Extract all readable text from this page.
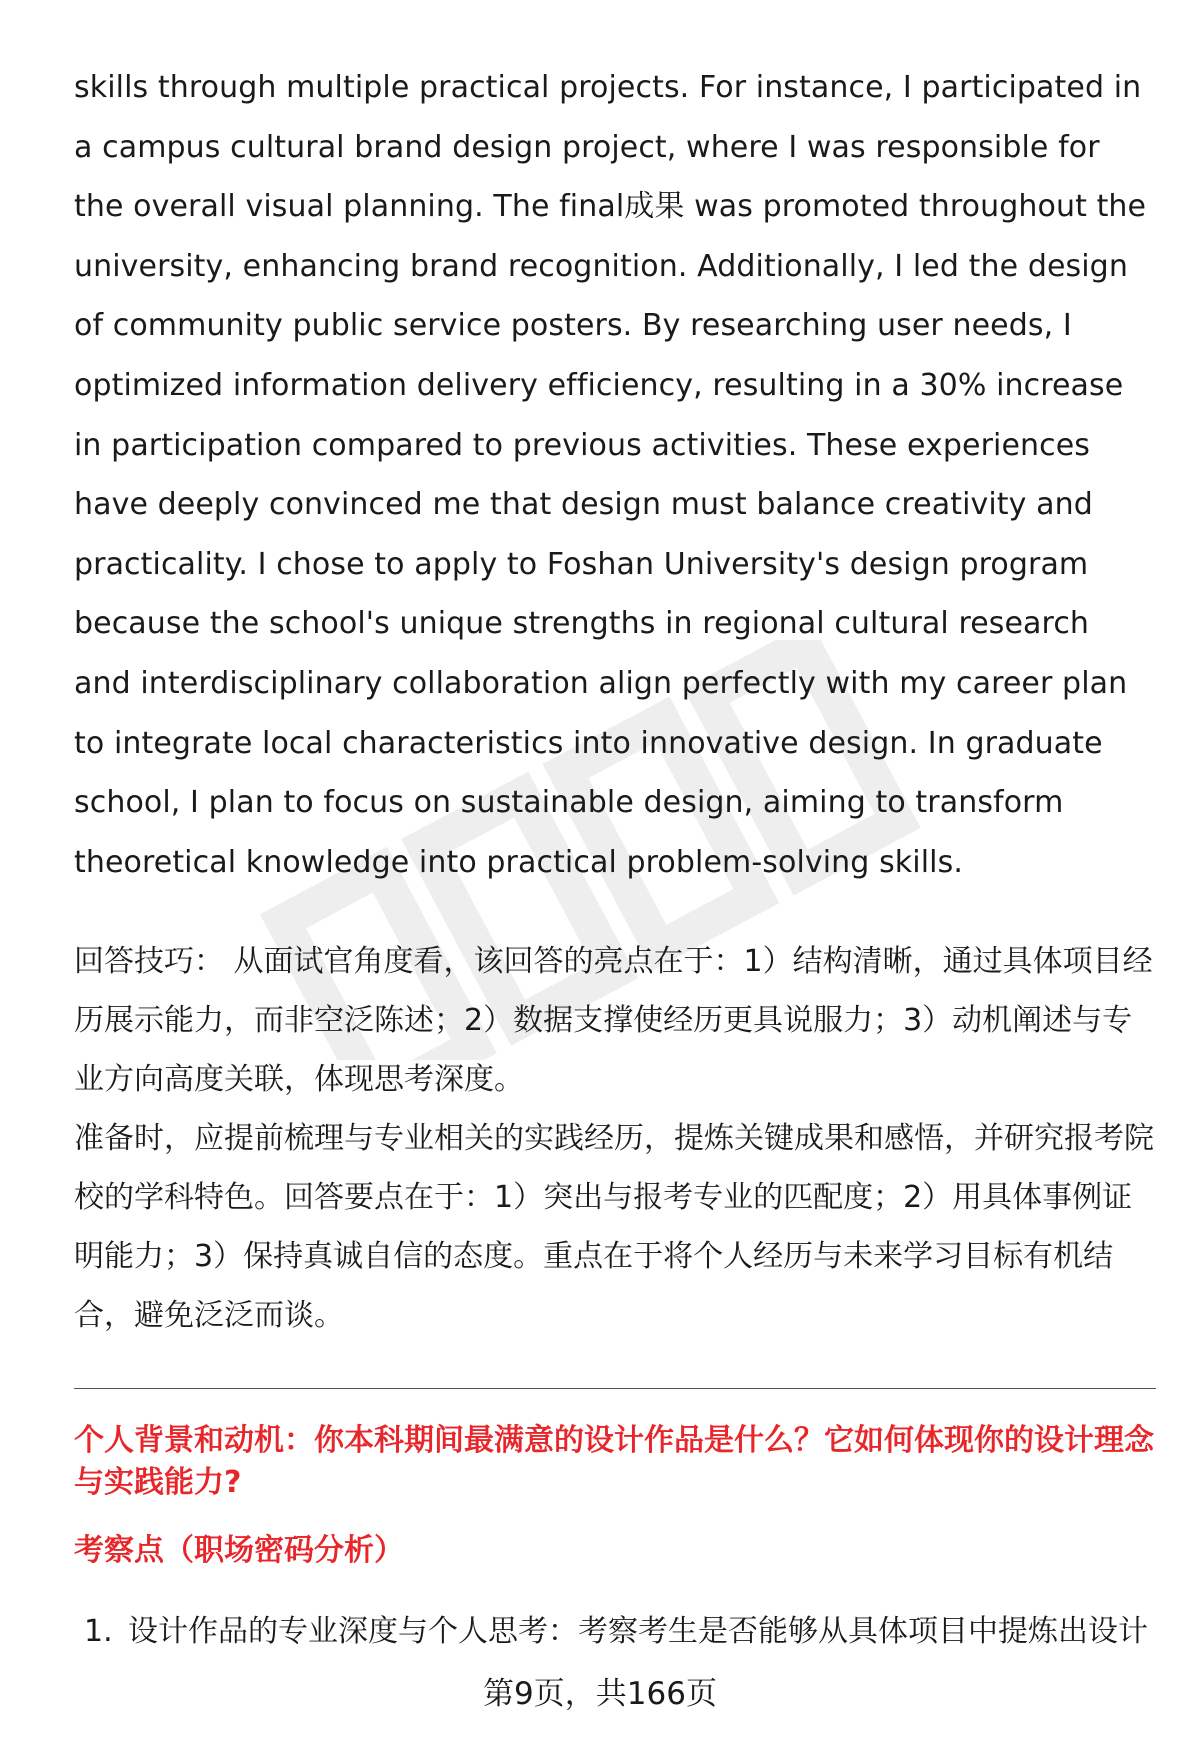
skills through multiple practical projects. For instance, I participated in a campus cultural brand design project, where I was responsible for the overall visual planning. The final成果 was promoted throughout the university, enhancing brand recognition. Additionally, I led the design of community public service posters. By researching user needs, I optimized information delivery efficiency, resulting in a 30% increase in participation compared to previous activities. These experiences have deeply convinced me that design must balance creativity and practicality. I chose to apply to Foshan University's design program because the school's unique strengths in regional cultural research and interdisciplinary collaboration align perfectly with my career plan to integrate local characteristics into innovative design. In graduate school, I plan to focus on sustainable design, aiming to transform theoretical knowledge into practical problem-solving skills.

回答技巧： 从面试官角度看，该回答的亮点在于：1）结构清晰，通过具体项目经历展示能力，而非空泛陈述；2）数据支撑使经历更具说服力；3）动机阐述与专业方向高度关联，体现思考深度。

准备时，应提前梳理与专业相关的实践经历，提炼关键成果和感悟，并研究报考院校的学科特色。回答要点在于：1）突出与报考专业的匹配度；2）用具体事例证明能力；3）保持真诚自信的态度。重点在于将个人经历与未来学习目标有机结合，避免泛泛而谈。

个人背景和动机：你本科期间最满意的设计作品是什么？它如何体现你的设计理念与实践能力?

考察点（职场密码分析）

1. 设计作品的专业深度与个人思考：考察考生是否能够从具体项目中提炼出设计
第9页，共166页
